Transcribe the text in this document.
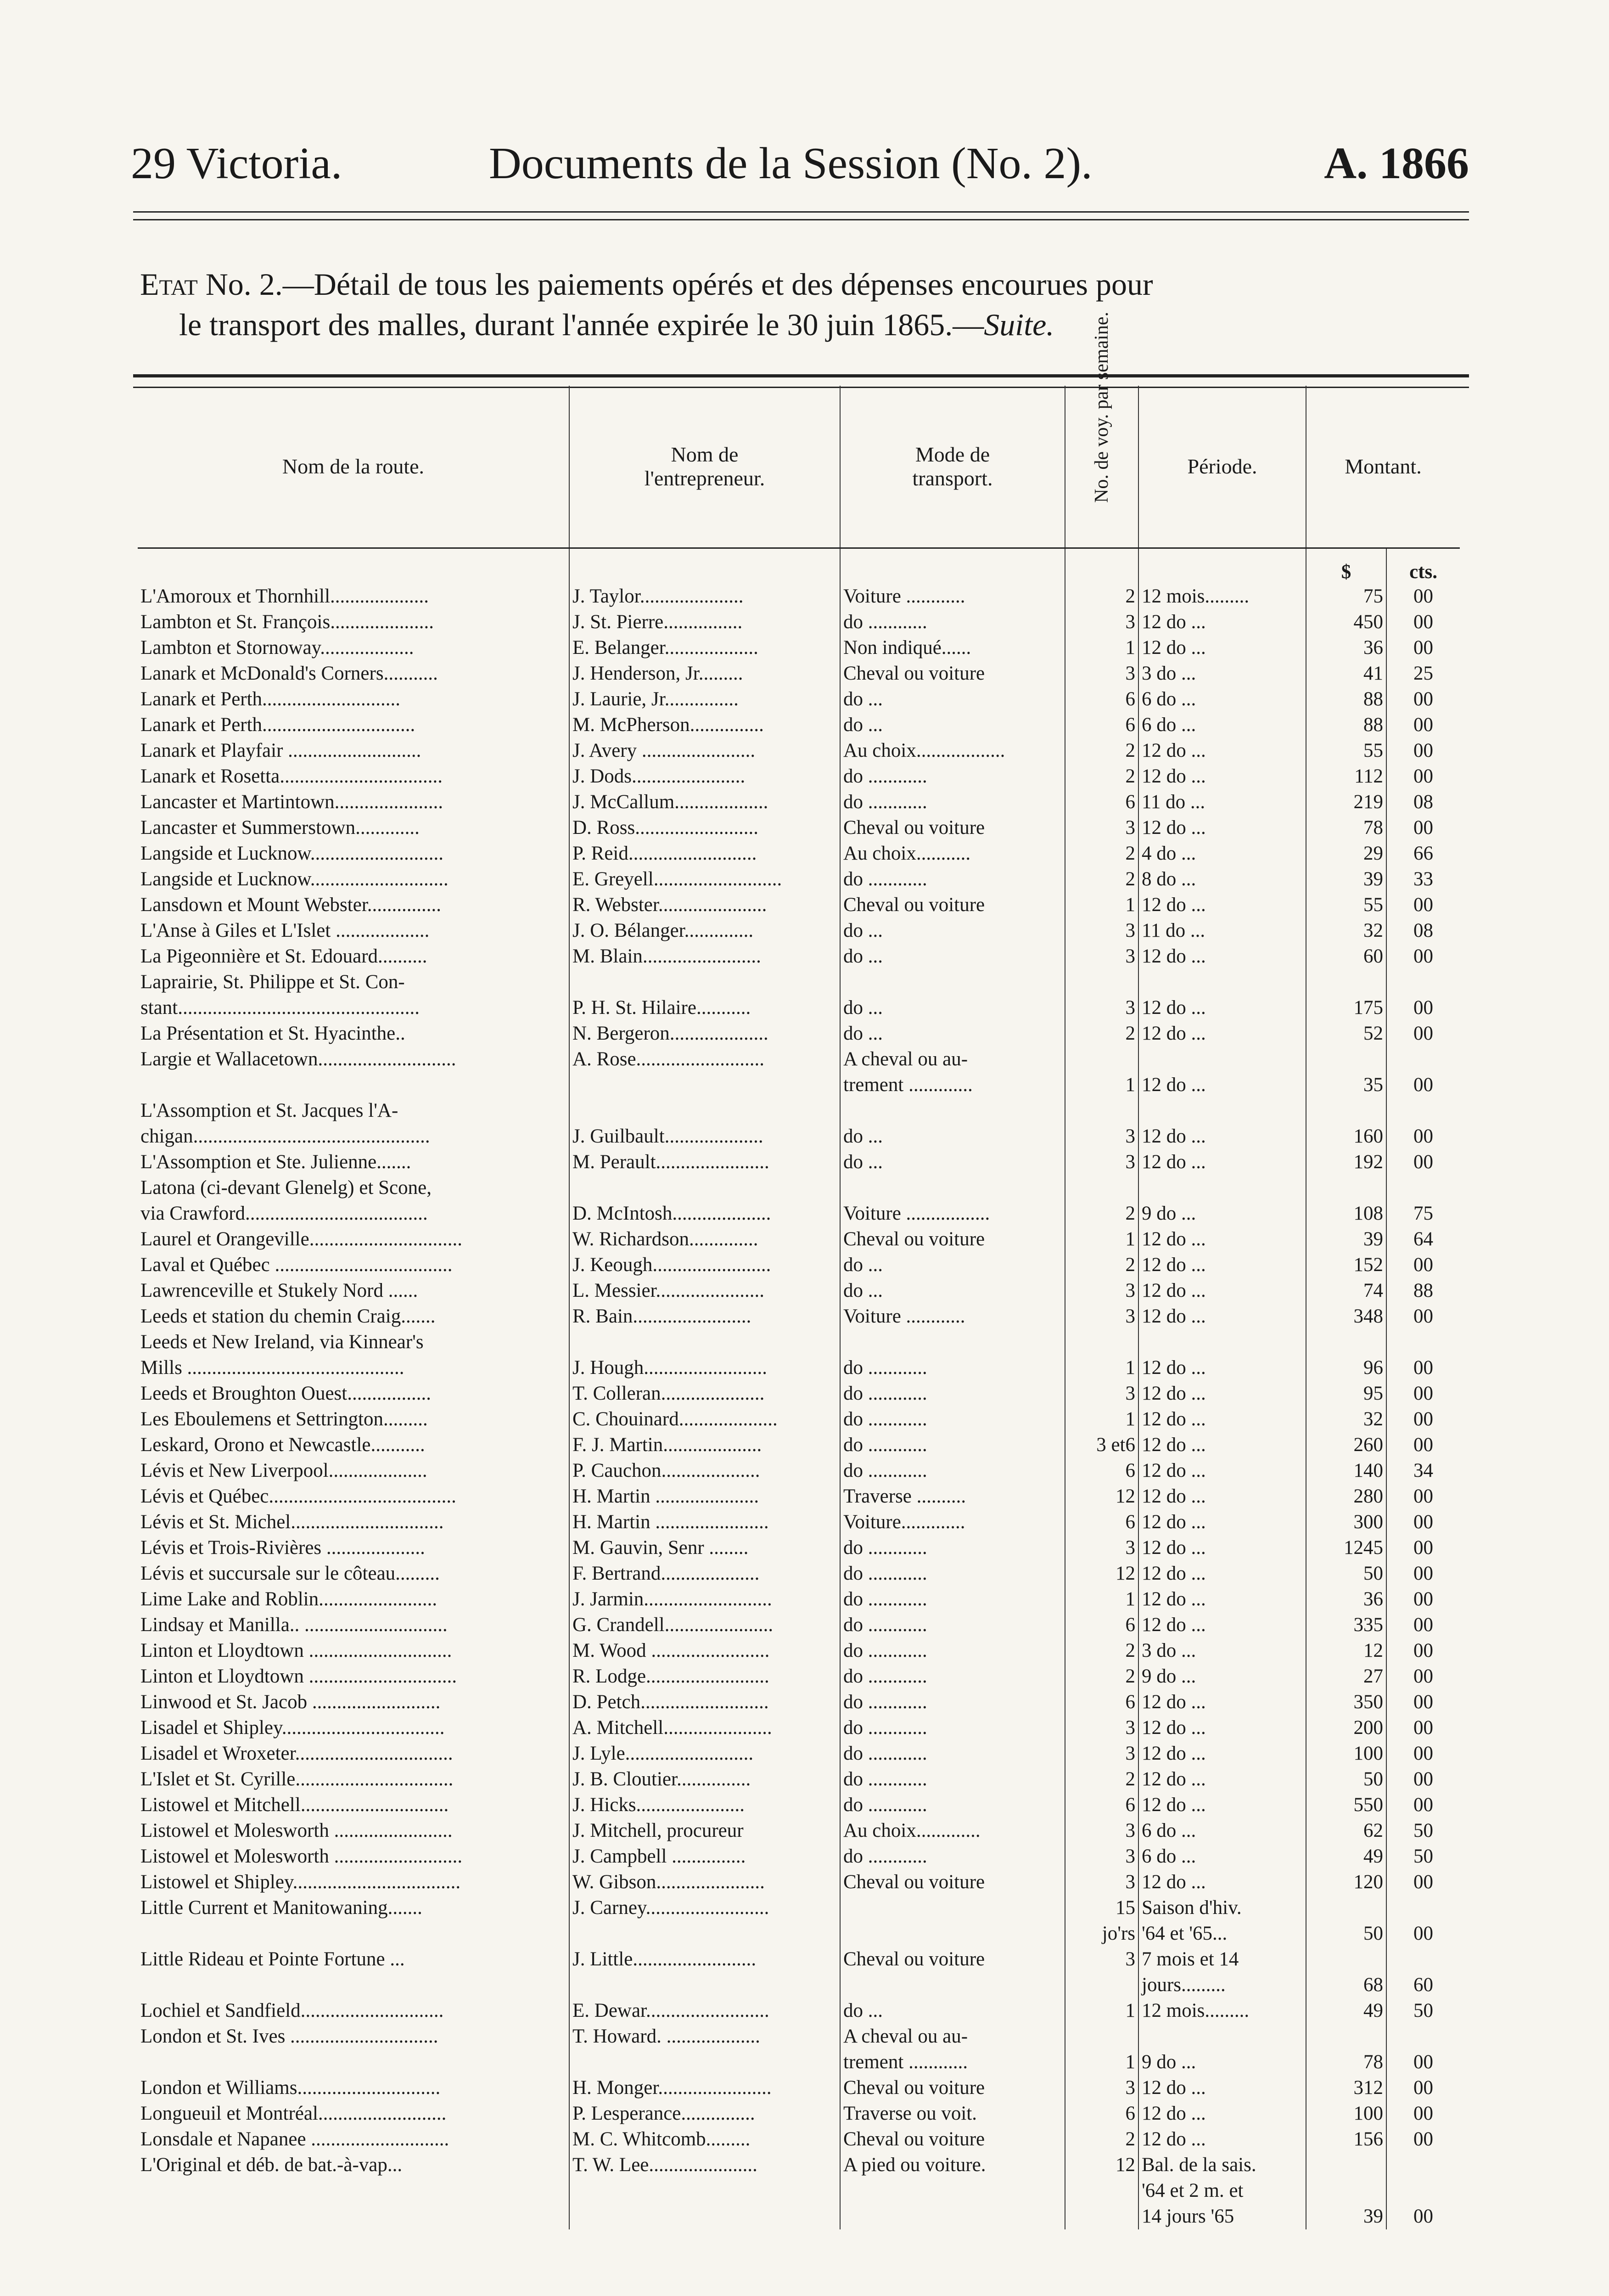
29 Victoria.	Documents de la Session (No. 2).	A. 1866
Etat No. 2.—Détail de tous les paiements opérés et des dépenses encourues pour
le transport des malles, durant l'année expirée le 30 juin 1865.—Suite.
Nom de la route.	Nom de l'entrepreneur.	Mode de transport.	No. de voy. par semaine.	Période.	Montant.	
					$	cts.
L'Amoroux et Thornhill....................	J. Taylor.....................	Voiture ............	2	12 mois.........	75	00
Lambton et St. François.....................	J. St. Pierre................	do ............	3	12 do ...	450	00
Lambton et Stornoway...................	E. Belanger...................	Non indiqué......	1	12 do ...	36	00
Lanark et McDonald's Corners...........	J. Henderson, Jr.........	Cheval ou voiture	3	3 do ...	41	25
Lanark et Perth............................	J. Laurie, Jr...............	do ...	6	6 do ...	88	00
Lanark et Perth...............................	M. McPherson...............	do ...	6	6 do ...	88	00
Lanark et Playfair ...........................	J. Avery .......................	Au choix..................	2	12 do ...	55	00
Lanark et Rosetta.................................	J. Dods.......................	do ............	2	12 do ...	112	00
Lancaster et Martintown......................	J. McCallum...................	do ............	6	11 do ...	219	08
Lancaster et Summerstown.............	D. Ross.........................	Cheval ou voiture	3	12 do ...	78	00
Langside et Lucknow...........................	P. Reid..........................	Au choix...........	2	4 do ...	29	66
Langside et Lucknow............................	E. Greyell..........................	do ............	2	8 do ...	39	33
Lansdown et Mount Webster...............	R. Webster......................	Cheval ou voiture	1	12 do ...	55	00
L'Anse à Giles et L'Islet ...................	J. O. Bélanger..............	do ...	3	11 do ...	32	08
La Pigeonnière et St. Edouard..........	M. Blain........................	do ...	3	12 do ...	60	00
Laprairie, St. Philippe et St. Con-						
stant.................................................	P. H. St. Hilaire...........	do ...	3	12 do ...	175	00
La Présentation et St. Hyacinthe..	N. Bergeron....................	do ...	2	12 do ...	52	00
Largie et Wallacetown............................	A. Rose..........................	A cheval ou au-				
		trement .............	1	12 do ...	35	00
L'Assomption et St. Jacques l'A-						
chigan................................................	J. Guilbault....................	do ...	3	12 do ...	160	00
L'Assomption et Ste. Julienne.......	M. Perault.......................	do ...	3	12 do ...	192	00
Latona (ci-devant Glenelg) et Scone,						
via Crawford.....................................	D. McIntosh....................	Voiture .................	2	9 do ...	108	75
Laurel et Orangeville...............................	W. Richardson..............	Cheval ou voiture	1	12 do ...	39	64
Laval et Québec ....................................	J. Keough........................	do ...	2	12 do ...	152	00
Lawrenceville et Stukely Nord ......	L. Messier......................	do ...	3	12 do ...	74	88
Leeds et station du chemin Craig.......	R. Bain........................	Voiture ............	3	12 do ...	348	00
Leeds et New Ireland, via Kinnear's						
Mills ............................................	J. Hough.........................	do ............	1	12 do ...	96	00
Leeds et Broughton Ouest.................	T. Colleran.....................	do ............	3	12 do ...	95	00
Les Eboulemens et Settrington.........	C. Chouinard....................	do ............	1	12 do ...	32	00
Leskard, Orono et Newcastle...........	F. J. Martin....................	do ............	3 et6	12 do ...	260	00
Lévis et New Liverpool....................	P. Cauchon....................	do ............	6	12 do ...	140	34
Lévis et Québec......................................	H. Martin .....................	Traverse ..........	12	12 do ...	280	00
Lévis et St. Michel...............................	H. Martin .......................	Voiture.............	6	12 do ...	300	00
Lévis et Trois-Rivières ....................	M. Gauvin, Senr ........	do ............	3	12 do ...	1245	00
Lévis et succursale sur le côteau.........	F. Bertrand....................	do ............	12	12 do ...	50	00
Lime Lake and Roblin........................	J. Jarmin..........................	do ............	1	12 do ...	36	00
Lindsay et Manilla.. .............................	G. Crandell......................	do ............	6	12 do ...	335	00
Linton et Lloydtown .............................	M. Wood ........................	do ............	2	3 do ...	12	00
Linton et Lloydtown ..............................	R. Lodge.........................	do ............	2	9 do ...	27	00
Linwood et St. Jacob ..........................	D. Petch..........................	do ............	6	12 do ...	350	00
Lisadel et Shipley.................................	A. Mitchell......................	do ............	3	12 do ...	200	00
Lisadel et Wroxeter................................	J. Lyle..........................	do ............	3	12 do ...	100	00
L'Islet et St. Cyrille................................	J. B. Cloutier...............	do ............	2	12 do ...	50	00
Listowel et Mitchell..............................	J. Hicks......................	do ............	6	12 do ...	550	00
Listowel et Molesworth ........................	J. Mitchell, procureur	Au choix.............	3	6 do ...	62	50
Listowel et Molesworth ..........................	J. Campbell ...............	do ............	3	6 do ...	49	50
Listowel et Shipley..................................	W. Gibson......................	Cheval ou voiture	3	12 do ...	120	00
Little Current et Manitowaning.......	J. Carney.........................		15	Saison d'hiv.		
			jo'rs	'64 et '65...	50	00
Little Rideau et Pointe Fortune ...	J. Little.........................	Cheval ou voiture	3	7 mois et 14		
				jours.........	68	60
Lochiel et Sandfield.............................	E. Dewar.........................	do ...	1	12 mois.........	49	50
London et St. Ives ..............................	T. Howard. ...................	A cheval ou au-				
		trement ............	1	9 do ...	78	00
London et Williams.............................	H. Monger.......................	Cheval ou voiture	3	12 do ...	312	00
Longueuil et Montréal..........................	P. Lesperance...............	Traverse ou voit.	6	12 do ...	100	00
Lonsdale et Napanee ............................	M. C. Whitcomb.........	Cheval ou voiture	2	12 do ...	156	00
L'Original et déb. de bat.-à-vap...	T. W. Lee......................	A pied ou voiture.	12	Bal. de la sais.		
				'64 et 2 m. et		
				14 jours '65	39	00
